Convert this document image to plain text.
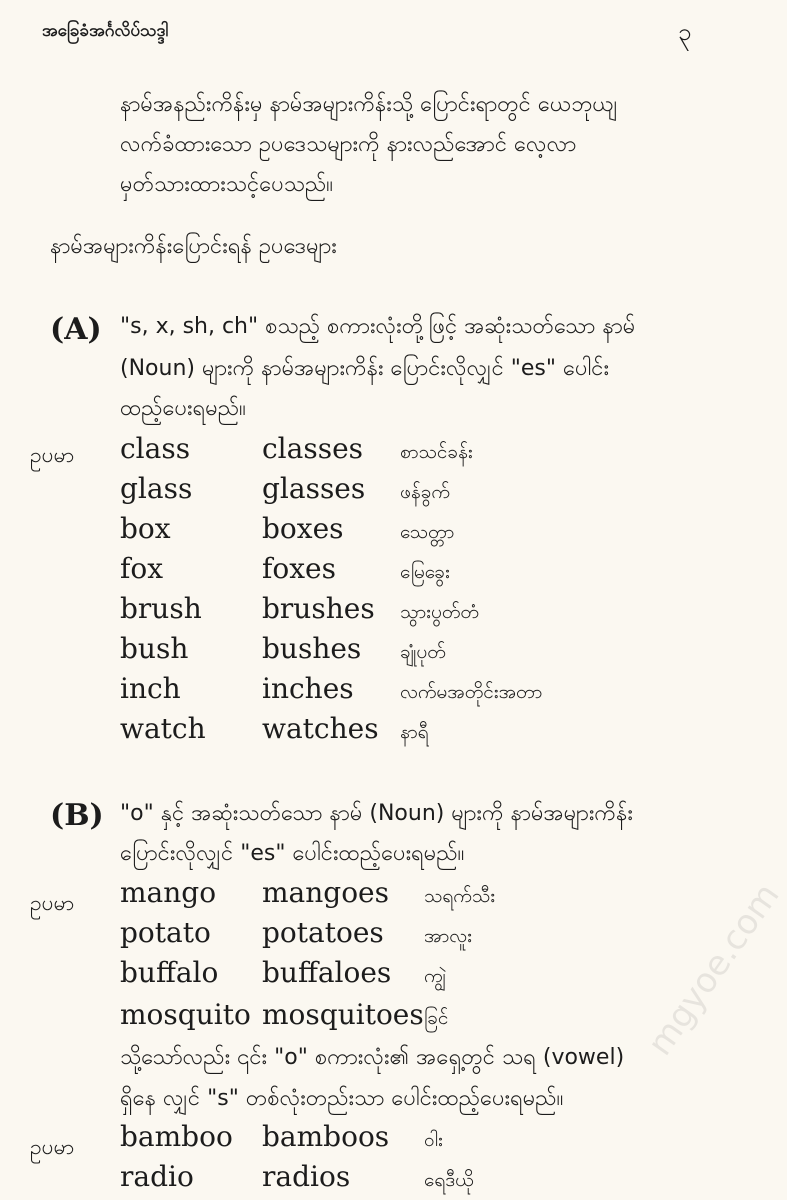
အခြေခံအင်္ဂလိပ်သဒ္ဒါ	၃
နာမ်အနည်းကိန်းမှ နာမ်အများကိန်းသို့ ပြောင်းရာတွင် ယေဘုယျ
လက်ခံထားသော ဥပဒေသများကို နားလည်အောင် လေ့လာ
မှတ်သားထားသင့်ပေသည်။
နာမ်အများကိန်းပြောင်းရန် ဥပဒေများ
(A) "s, x, sh, ch" စသည့် စကားလုံးတို့ဖြင့် အဆုံးသတ်သော နာမ်
(Noun) များကို နာမ်အများကိန်း ပြောင်းလိုလျှင် "es" ပေါင်း
ထည့်ပေးရမည်။
ဥပမာ class	classes စာသင်ခန်း
glass glasses ဖန်ခွက်
box	boxes	သေတ္တာ
fox	foxes	မြေခွေး
brush brushes သွားပွတ်တံ
bush	bushes ချုံပုတ်
inch	inches လက်မအတိုင်းအတာ
watch watches နာရီ
(B) "o" နှင့် အဆုံးသတ်သော နာမ် (Noun) များကို နာမ်အများကိန်း
ပြောင်းလိုလျှင် "es" ပေါင်းထည့်ပေးရမည်။
ဥပမာ mango mangoes သရက်သီး
potato potatoes အာလူး
buffalo buffaloes ကျွဲ
mosquito mosquitoes ခြင်
သို့သော်လည်း ၎င်း "o" စကားလုံး၏ အရှေ့တွင် သရ (vowel)
ရှိနေ လျှင် "s" တစ်လုံးတည်းသာ ပေါင်းထည့်ပေးရမည်။
ဥပမာ bamboo bamboos ဝါး
radio radios	ရေဒီယို
mgyoe.com
